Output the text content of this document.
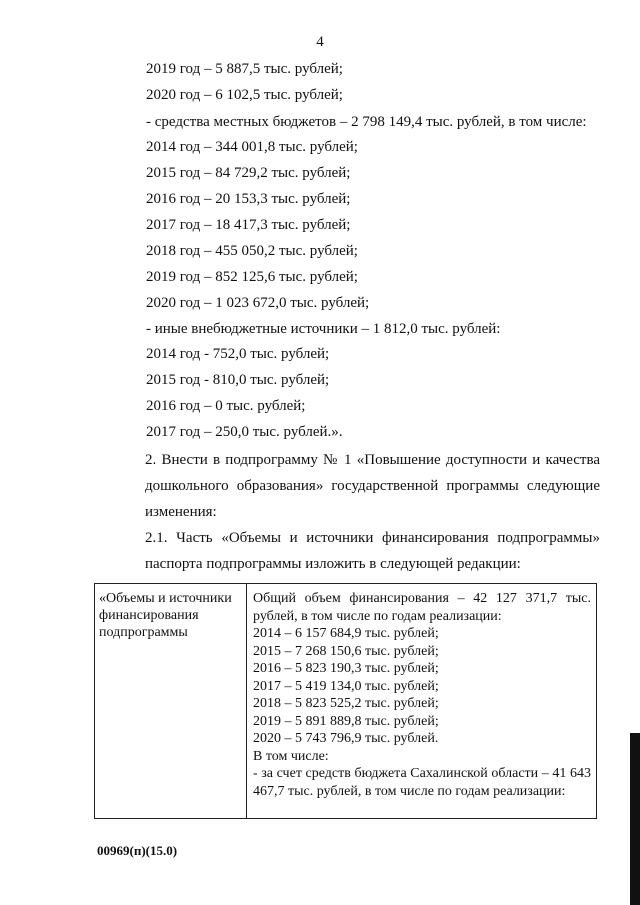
4
2019 год – 5 887,5 тыс. рублей;
2020 год – 6 102,5 тыс. рублей;
- средства местных бюджетов – 2 798 149,4 тыс. рублей, в том числе:
2014 год – 344 001,8 тыс. рублей;
2015 год – 84 729,2 тыс. рублей;
2016 год – 20 153,3 тыс. рублей;
2017 год – 18 417,3 тыс. рублей;
2018 год – 455 050,2 тыс. рублей;
2019 год – 852 125,6 тыс. рублей;
2020 год – 1 023 672,0 тыс. рублей;
- иные внебюджетные источники – 1 812,0 тыс. рублей:
2014 год - 752,0 тыс. рублей;
2015 год - 810,0 тыс. рублей;
2016 год – 0 тыс. рублей;
2017 год – 250,0 тыс. рублей.».
2. Внести в подпрограмму № 1 «Повышение доступности и качества дошкольного образования» государственной программы следующие изменения:
2.1. Часть «Объемы и источники финансирования подпрограммы» паспорта подпрограммы изложить в следующей редакции:
«Объемы и источники финансирования подпрограммы
Общий объем финансирования – 42 127 371,7 тыс. рублей, в том числе по годам реализации:
2014 – 6 157 684,9 тыс. рублей;
2015 – 7 268 150,6 тыс. рублей;
2016 – 5 823 190,3 тыс. рублей;
2017 – 5 419 134,0 тыс. рублей;
2018 – 5 823 525,2 тыс. рублей;
2019 – 5 891 889,8 тыс. рублей;
2020 – 5 743 796,9 тыс. рублей.
В том числе:
- за счет средств бюджета Сахалинской области – 41 643 467,7 тыс. рублей, в том числе по годам реализации:
00969(п)(15.0)
